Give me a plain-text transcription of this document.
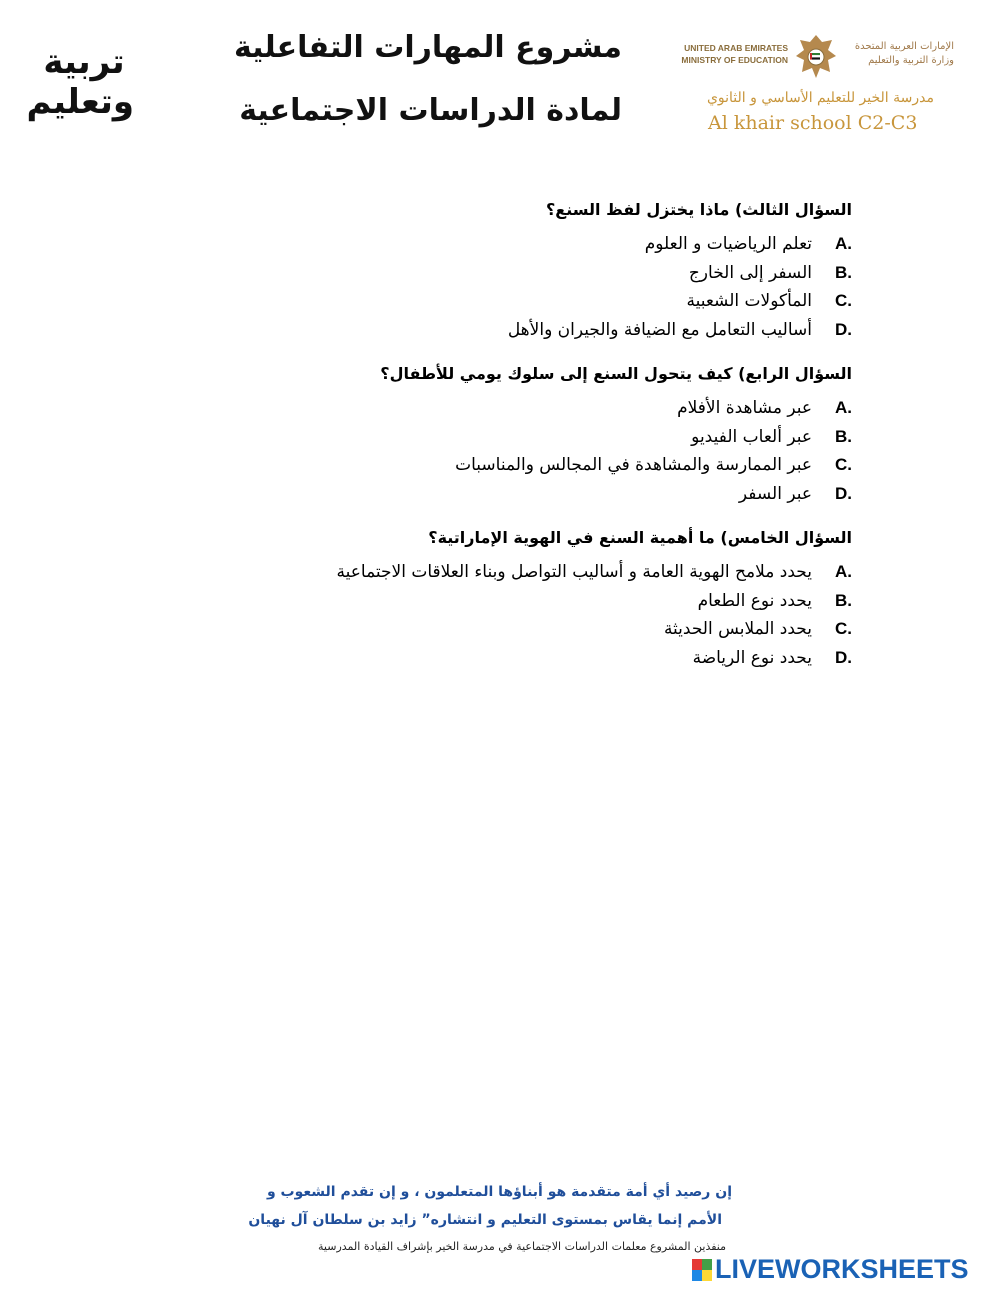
تربية
وتعليم
مشروع المهارات التفاعلية
لمادة الدراسات الاجتماعية
UNITED ARAB EMIRATES
MINISTRY OF EDUCATION
الإمارات العربية المتحدة
وزارة التربية والتعليم
مدرسة الخير للتعليم الأساسي و الثانوي
Al khair school C2-C3
السؤال الثالث) ماذا يختزل لفظ السنع؟
A.
تعلم الرياضيات و العلوم
B.
السفر إلى الخارج
C.
المأكولات الشعبية
D.
أساليب التعامل مع الضيافة والجيران والأهل
السؤال الرابع) كيف يتحول السنع إلى سلوك يومي للأطفال؟
A.
عبر مشاهدة الأفلام
B.
عبر ألعاب الفيديو
C.
عبر الممارسة والمشاهدة في المجالس والمناسبات
D.
عبر السفر
السؤال الخامس) ما أهمية السنع في الهوية الإماراتية؟
A.
يحدد ملامح الهوية العامة و أساليب التواصل وبناء العلاقات الاجتماعية
B.
يحدد نوع الطعام
C.
يحدد الملابس الحديثة
D.
يحدد نوع الرياضة
إن رصيد أي أمة متقدمة هو أبناؤها المتعلمون ، و إن تقدم الشعوب و
الأمم إنما يقاس بمستوى التعليم و انتشاره” زايد بن سلطان آل نهيان
منفذين المشروع معلمات الدراسات الاجتماعية في مدرسة الخير بإشراف القيادة المدرسية
LIVEWORKSHEETS
